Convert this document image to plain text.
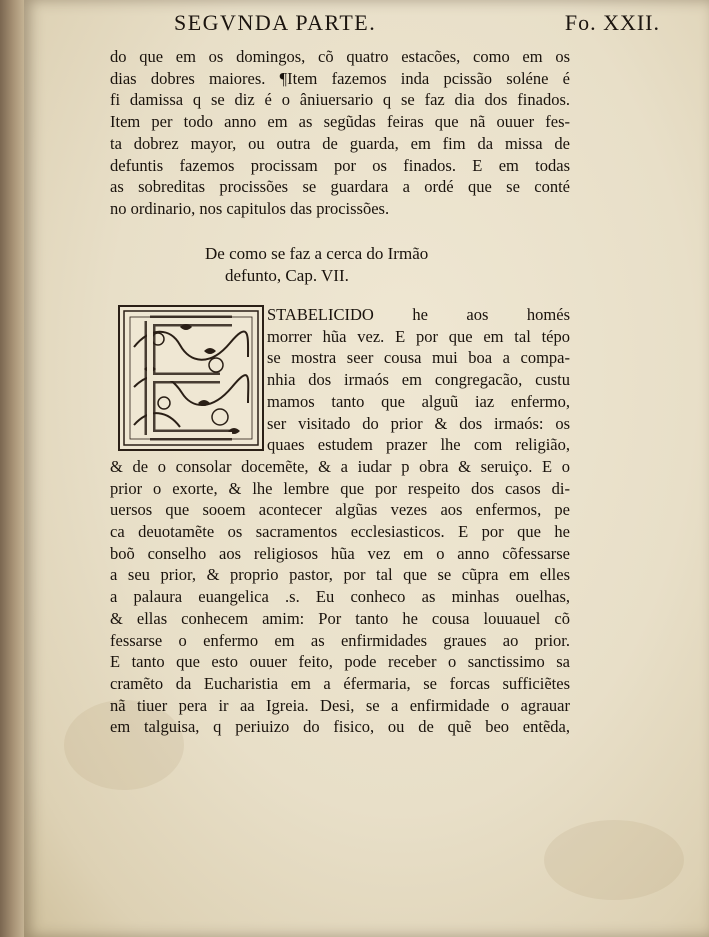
SEGVNDA PARTE.	Fo. XXII.
do que em os domingos, cõ quatro estacões, como em os
dias dobres maiores. ¶Item fazemos inda pcissão soléne é
fi damissa q se diz é o âniuersario q se faz dia dos finados.
Item per todo anno em as segũdas feiras que nã ouuer fes-
ta dobrez mayor, ou outra de guarda, em fim da missa de
defuntis fazemos procissam por os finados. E em todas
as sobreditas procissões se guardara a ordé que se conté
no ordinario, nos capitulos das procissões.
De como se faz a cerca do Irmão
defunto, Cap. VII.
STABELICIDO he aos homés
morrer hũa vez. E por que em tal tépo
se mostra seer cousa mui boa a compa-
nhia dos irmaós em congregacão, custu
mamos tanto que alguũ iaz enfermo,
ser visitado do prior & dos irmaós: os
quaes estudem prazer lhe com religião,
& de o consolar docemẽte, & a iudar p obra & seruiço. E o
prior o exorte, & lhe lembre que por respeito dos casos di-
uersos que sooem acontecer algũas vezes aos enfermos, pe
ca deuotamẽte os sacramentos ecclesiasticos. E por que he
boõ conselho aos religiosos hũa vez em o anno cõfessarse
a seu prior, & proprio pastor, por tal que se cũpra em elles
a palaura euangelica .s. Eu conheco as minhas ouelhas,
& ellas conhecem amim: Por tanto he cousa louuauel cõ
fessarse o enfermo em as enfirmidades graues ao prior.
E tanto que esto ouuer feito, pode receber o sanctissimo sa
cramẽto da Eucharistia em a éfermaria, se forcas sufficiẽtes
nã tiuer pera ir aa Igreia. Desi, se a enfirmidade o agrauar
em talguisa, q periuizo do fisico, ou de quẽ beo entẽda,
